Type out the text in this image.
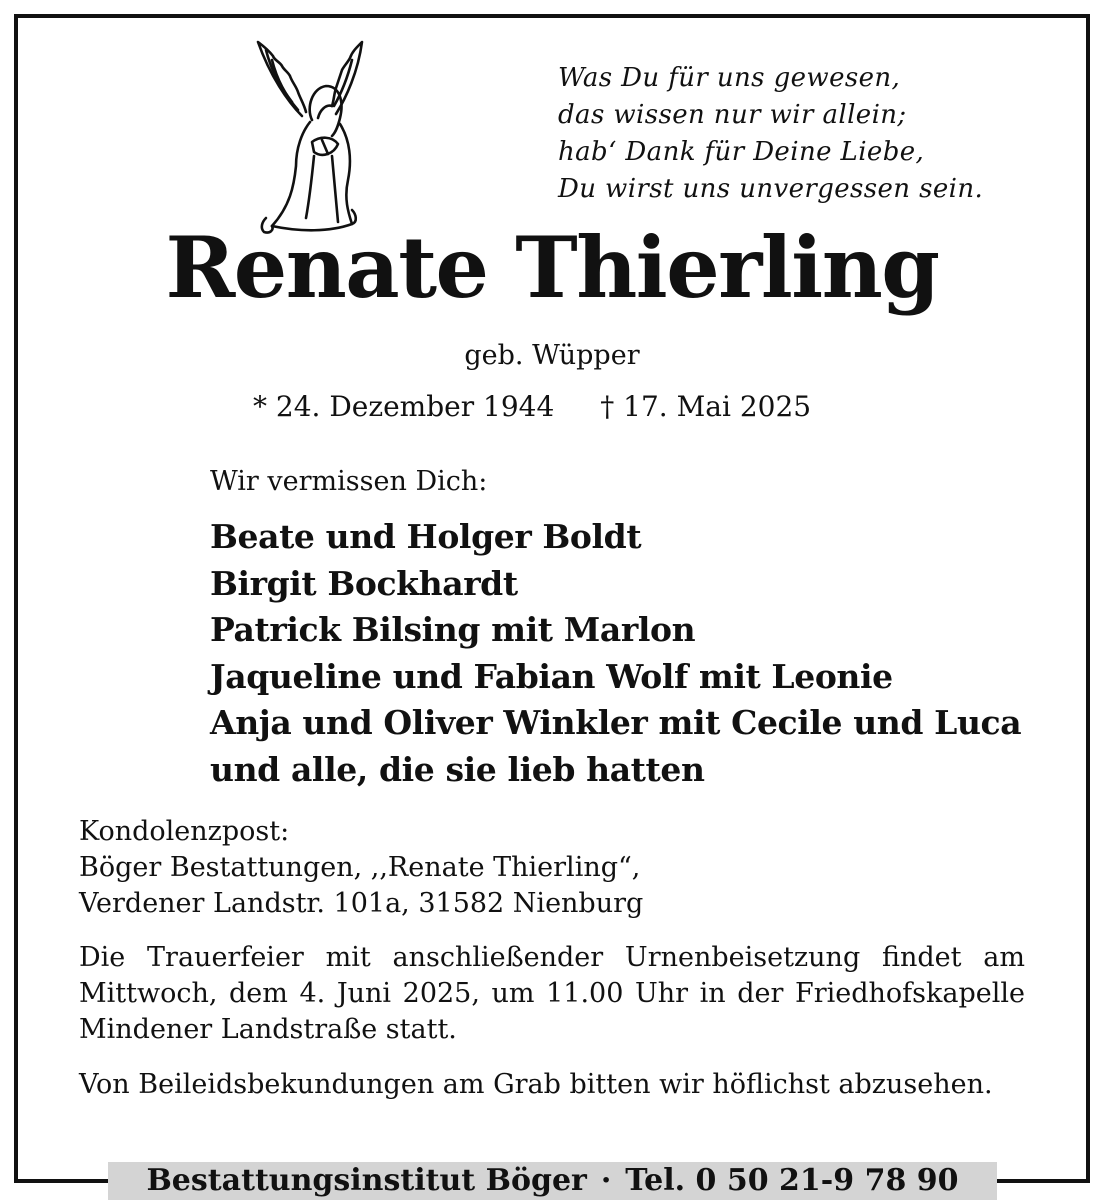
Was Du für uns gewesen,
das wissen nur wir allein;
hab‘ Dank für Deine Liebe,
Du wirst uns unvergessen sein.
Renate Thierling
geb. Wüpper
* 24. Dezember 1944 † 17. Mai 2025
Wir vermissen Dich:
Beate und Holger Boldt
Birgit Bockhardt
Patrick Bilsing mit Marlon
Jaqueline und Fabian Wolf mit Leonie
Anja und Oliver Winkler mit Cecile und Luca
und alle, die sie lieb hatten
Kondolenzpost:
Böger Bestattungen, ,,Renate Thierling“,
Verdener Landstr. 101a, 31582 Nienburg
Die Trauerfeier mit anschließender Urnenbeisetzung findet am Mittwoch, dem 4. Juni 2025, um 11.00 Uhr in der Friedhofskapelle Mindener Landstraße statt.
Von Beileidsbekundungen am Grab bitten wir höflichst abzusehen.
Bestattungsinstitut Böger · Tel. 0 50 21-9 78 90
